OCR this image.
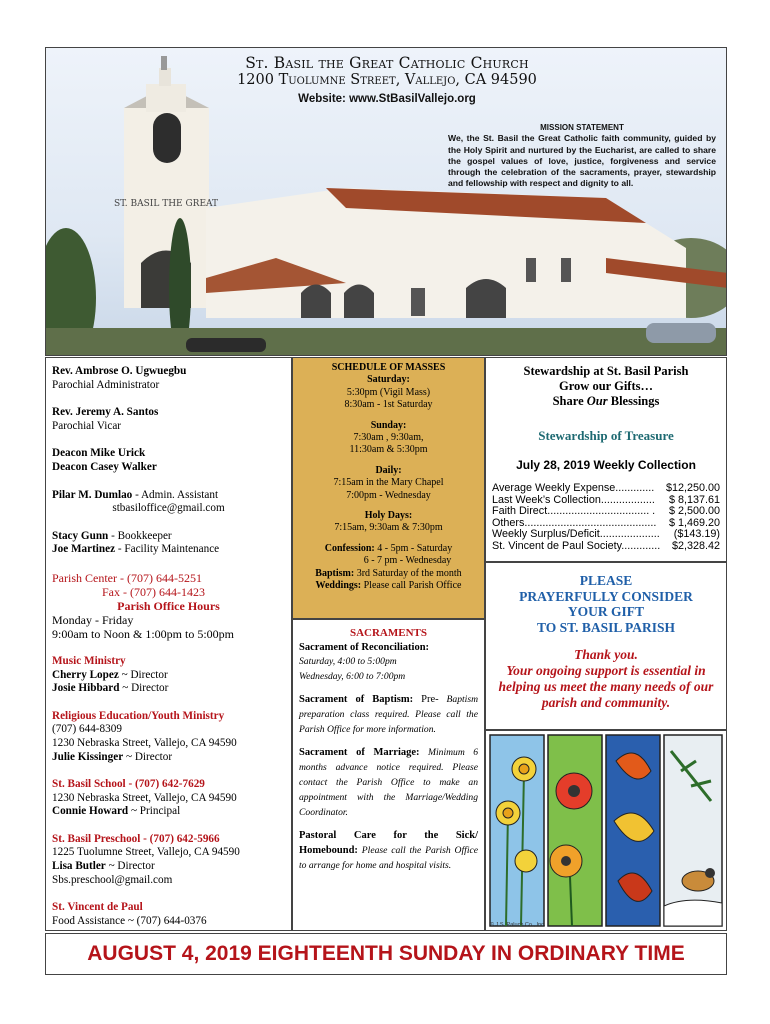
ST. BASIL THE GREAT
St. Basil the Great Catholic Church
1200 Tuolumne Street, Vallejo, CA 94590
Website: www.StBasilVallejo.org
MISSION STATEMENT
We, the St. Basil the Great Catholic faith community, guided by the Holy Spirit and nurtured by the Eucharist, are called to share the gospel values of love, justice, forgiveness and service through the celebration of the sacraments, prayer, stewardship and fellowship with respect and dignity to all.
Rev. Ambrose O. Ugwuegbu
Parochial Administrator
Rev. Jeremy A. Santos
Parochial Vicar
Deacon Mike Urick
Deacon Casey Walker
Pilar M. Dumlao - Admin. Assistant
stbasiloffice@gmail.com
Stacy Gunn - Bookkeeper
Joe Martinez - Facility Maintenance
Parish Center - (707) 644-5251
Fax - (707) 644-1423
Parish Office Hours
Monday - Friday
9:00am to Noon & 1:00pm to 5:00pm
Music Ministry
Cherry Lopez ~ Director
Josie Hibbard ~ Director
Religious Education/Youth Ministry
(707) 644-8309
1230 Nebraska Street, Vallejo, CA 94590
Julie Kissinger ~ Director
St. Basil School - (707) 642-7629
1230 Nebraska Street, Vallejo, CA 94590
Connie Howard ~ Principal
St. Basil Preschool - (707) 642-5966
1225 Tuolumne Street, Vallejo, CA 94590
Lisa Butler ~ Director
Sbs.preschool@gmail.com
St. Vincent de Paul
Food Assistance ~ (707) 644-0376
SCHEDULE OF MASSES
Saturday:
5:30pm (Vigil Mass)
8:30am - 1st Saturday
Sunday:
7:30am , 9:30am,
11:30am & 5:30pm
Daily:
7:15am in the Mary Chapel
7:00pm - Wednesday
Holy Days:
7:15am, 9:30am & 7:30pm
Confession: 4 - 5pm - Saturday
6 - 7 pm - Wednesday
Baptism: 3rd Saturday of the month
Weddings: Please call Parish Office
SACRAMENTS
Sacrament of Reconciliation:
Saturday, 4:00 to 5:00pm
Wednesday, 6:00 to 7:00pm
Sacrament of Baptism: Pre- Baptism preparation class required. Please call the Parish Office for more information.
Sacrament of Marriage: Minimum 6 months advance notice required. Please contact the Parish Office to make an appointment with the Marriage/Wedding Coordinator.
Pastoral Care for the Sick/ Homebound: Please call the Parish Office to arrange for home and hospital visits.
Stewardship at St. Basil Parish
Grow our Gifts…
Share Our Blessings
Stewardship of Treasure
July 28, 2019 Weekly Collection
Average Weekly Expense............. $12,250.00
Last Week’s Collection.................. $ 8,137.61
Faith Direct.................................. . $ 2,500.00
Others............................................ $ 1,469.20
Weekly Surplus/Deficit.................... ($143.19)
St. Vincent de Paul Society............. $2,328.42
PLEASE
PRAYERFULLY CONSIDER
YOUR GIFT
TO ST. BASIL PARISH
Thank you.
Your ongoing support is essential in helping us meet the many needs of our parish and community.
© J.S. Paluch Co., Inc.
AUGUST 4, 2019 EIGHTEENTH SUNDAY IN ORDINARY TIME
